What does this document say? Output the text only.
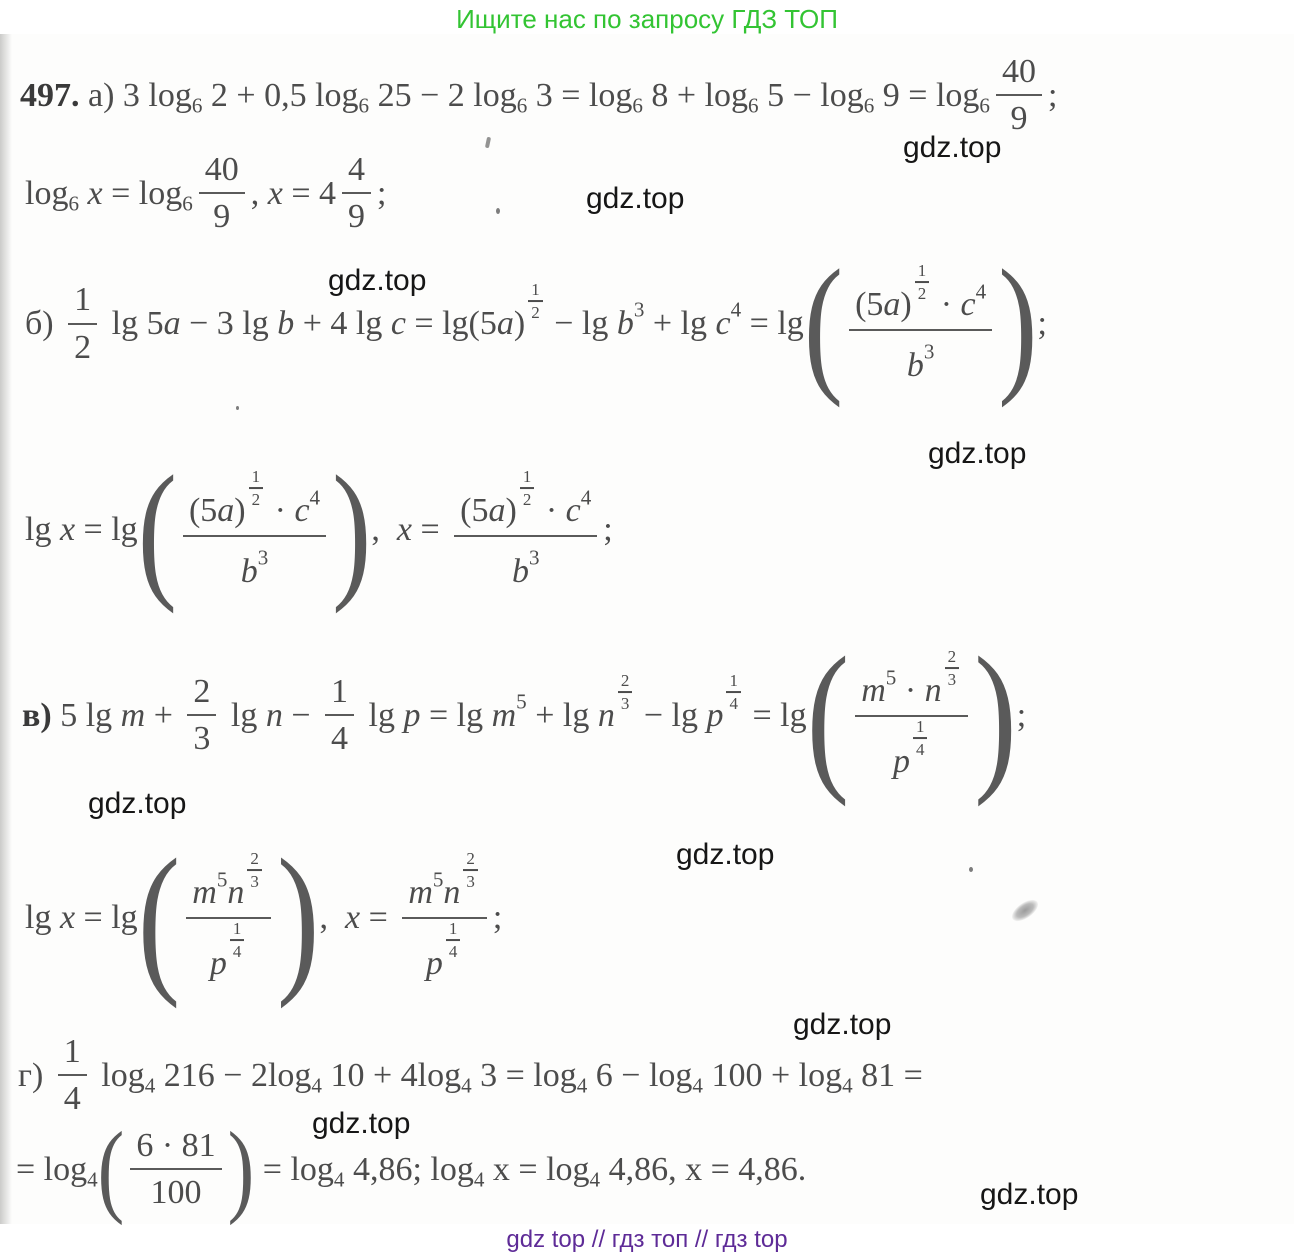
Ищите нас по запросу ГДЗ ТОП
497. а) 3 log 6 2 + 0,5 log 6 25 − 2 log 6 3 = log 6 8 + log 6 5 − log 6 9 = log 6
40
9
;
log 6 x = log 6
40
9
, x = 4
4
9
;
б)
1
2
lg 5 a − 3 lg b + 4 lg c = lg(5 a )
$\frac{1}{2}$
− lg b 3 + lg c 4 = lg ( (5 a )
$\frac{1}{2}$
· c 4
b 3 ) ;
lg x = lg ( (5 a )
$\frac{1}{2}$
· c 4
b 3 ) , x =
(5 a )
$\frac{1}{2}$
· c 4
b 3
;
в) 5 lg m +
2
3
lg n −
1
4
lg p = lg m 5 + lg n
$\frac{2}{3}$
− lg p
$\frac{1}{4}$
= lg ( m 5 · n
$\frac{2}{3}$
p
$\frac{1}{4}$ ) ;
lg x = lg ( m 5 n
$\frac{2}{3}$
p
$\frac{1}{4}$ ) , x =
m 5 n
$\frac{2}{3}$
p
$\frac{1}{4}$
;
г)
1
4
log 4 216 − 2log 4 10 + 4log 4 3 = log 4 6 − log 4 100 + log 4 81 =
= log 4 ( 6 · 81
100 ) = log 4 4,86; log 4 x = log 4 4,86, x = 4,86.
gdz.top
gdz.top
gdz.top
gdz.top
gdz.top
gdz.top
gdz.top
gdz.top
gdz.top
gdz top // гдз топ // гдз top
